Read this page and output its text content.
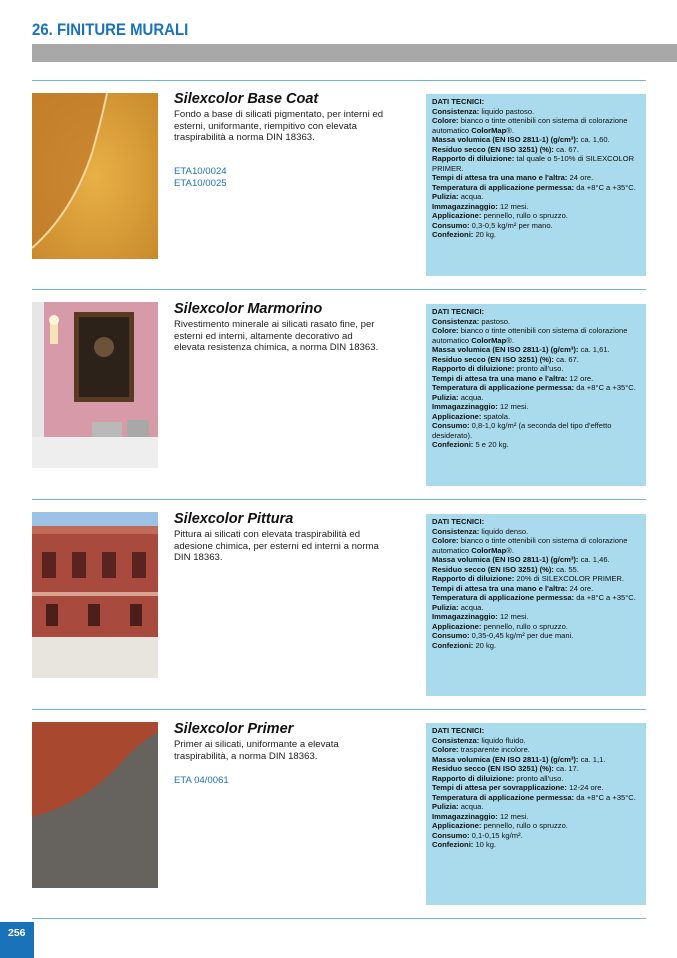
26. FINITURE MURALI
Silexcolor Base Coat
Fondo a base di silicati pigmentato, per interni ed esterni, uniformante, riempitivo con elevata traspirabilità a norma DIN 18363.
ETA10/0024
ETA10/0025
DATI TECNICI:
Consistenza: liquido pastoso.
Colore: bianco o tinte ottenibili con sistema di colorazione automatico ColorMap®.
Massa volumica (EN ISO 2811-1) (g/cm³): ca. 1,60.
Residuo secco (EN ISO 3251) (%): ca. 67.
Rapporto di diluizione: tal quale o 5-10% di SILEXCOLOR PRIMER.
Tempi di attesa tra una mano e l'altra: 24 ore.
Temperatura di applicazione permessa: da +8°C a +35°C.
Pulizia: acqua.
Immagazzinaggio: 12 mesi.
Applicazione: pennello, rullo o spruzzo.
Consumo: 0,3-0,5 kg/m² per mano.
Confezioni: 20 kg.
Silexcolor Marmorino
Rivestimento minerale ai silicati rasato fine, per esterni ed interni, altamente decorativo ad elevata resistenza chimica, a norma DIN 18363.
DATI TECNICI:
Consistenza: pastoso.
Colore: bianco o tinte ottenibili con sistema di colorazione automatico ColorMap®.
Massa volumica (EN ISO 2811-1) (g/cm³): ca. 1,61.
Residuo secco (EN ISO 3251) (%): ca. 67.
Rapporto di diluizione: pronto all'uso.
Tempi di attesa tra una mano e l'altra: 12 ore.
Temperatura di applicazione permessa: da +8°C a +35°C.
Pulizia: acqua.
Immagazzinaggio: 12 mesi.
Applicazione: spatola.
Consumo: 0,8-1,0 kg/m² (a seconda del tipo d'effetto desiderato).
Confezioni: 5 e 20 kg.
Silexcolor Pittura
Pittura ai silicati con elevata traspirabilità ed adesione chimica, per esterni ed interni a norma DIN 18363.
DATI TECNICI:
Consistenza: liquido denso.
Colore: bianco o tinte ottenibili con sistema di colorazione automatico ColorMap®.
Massa volumica (EN ISO 2811-1) (g/cm³): ca. 1,46.
Residuo secco (EN ISO 3251) (%): ca. 55.
Rapporto di diluizione: 20% di SILEXCOLOR PRIMER.
Tempi di attesa tra una mano e l'altra: 24 ore.
Temperatura di applicazione permessa: da +8°C a +35°C.
Pulizia: acqua.
Immagazzinaggio: 12 mesi.
Applicazione: pennello, rullo o spruzzo.
Consumo: 0,35-0,45 kg/m² per due mani.
Confezioni: 20 kg.
Silexcolor Primer
Primer ai silicati, uniformante a elevata traspirabilità, a norma DIN 18363.
ETA 04/0061
DATI TECNICI:
Consistenza: liquido fluido.
Colore: trasparente incolore.
Massa volumica (EN ISO 2811-1) (g/cm³): ca. 1,1.
Residuo secco (EN ISO 3251) (%): ca. 17.
Rapporto di diluizione: pronto all'uso.
Tempi di attesa per sovrapplicazione: 12-24 ore.
Temperatura di applicazione permessa: da +8°C a +35°C.
Pulizia: acqua.
Immagazzinaggio: 12 mesi.
Applicazione: pennello, rullo o spruzzo.
Consumo: 0,1-0,15 kg/m².
Confezioni: 10 kg.
256
